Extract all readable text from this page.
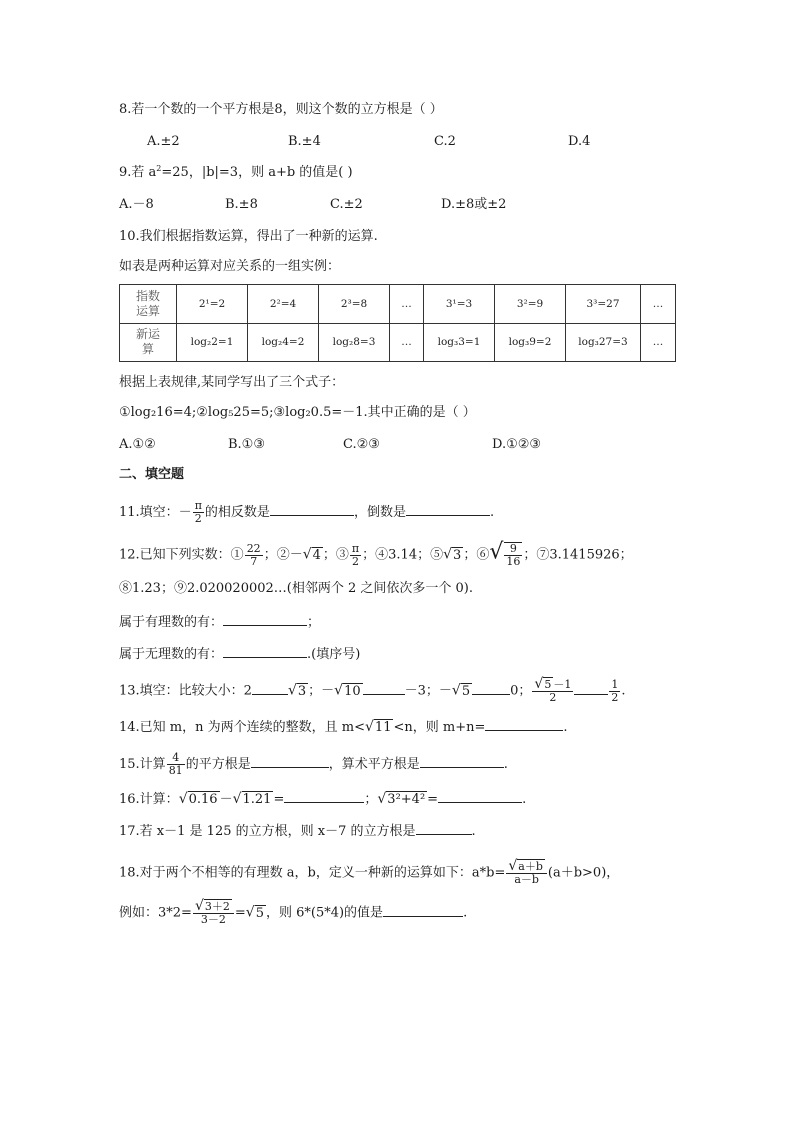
8.若一个数的一个平方根是8，则这个数的立方根是（ ）
A.±2	B.±4	C.2	D.4
9.若 $a^2=25$，|b|=3，则 a+b 的值是( )
A.－8	B.±8	C.±2	D.±8或±2
10.我们根据指数运算，得出了一种新的运算.
如表是两种运算对应关系的一组实例：
指数
运算	2¹=2	2²=4	2³=8	…	3¹=3	3²=9	3³=27	…
新运
算	log₂2=1	log₂4=2	log₂8=3	…	log₃3=1	log₃9=2	log₃27=3	…
根据上表规律,某同学写出了三个式子：
①log₂16=4;②log₅25=5;③log₂0.5=－1.其中正确的是（ ）
A.①②	B.①③	C.②③	D.①②③
二、填空题
11.填空：－ $\frac{\pi}{2}$ 的相反数是	，倒数是	.
12.已知下列实数：① $\frac{22}{7}$ ；②－√4 ；③ $\frac{\pi}{2}$ ；④3.14；⑤√3 ；⑥√ $\frac{9}{16}$ ；⑦3.1415926；
⑧1.23；⑨2.020020002…(相邻两个 2 之间依次多一个 0).
属于有理数的有：	；
属于无理数的有：	.(填序号)
13.填空：比较大小：2	√3 ；－√10	－3；－√5	0； $\frac{√5 -1}{2}$	$\frac{1}{2}$ .
14.已知 m，n 为两个连续的整数，且 m<√11 <n，则 m+n=	.
15.计算 $\frac{4}{81}$ 的平方根是	，算术平方根是	.
16.计算：√0.16 －√1.21 =	；√3²+4² =	.
17.若 x－1 是 125 的立方根，则 x－7 的立方根是	.
18.对于两个不相等的有理数 a，b，定义一种新的运算如下：$a*b= \frac{√a+b}{a-b} (a+b>0)$，
例如：$3*2= \frac{√3+2}{3-2} =√5$ ，则 6*(5*4)的值是	.
